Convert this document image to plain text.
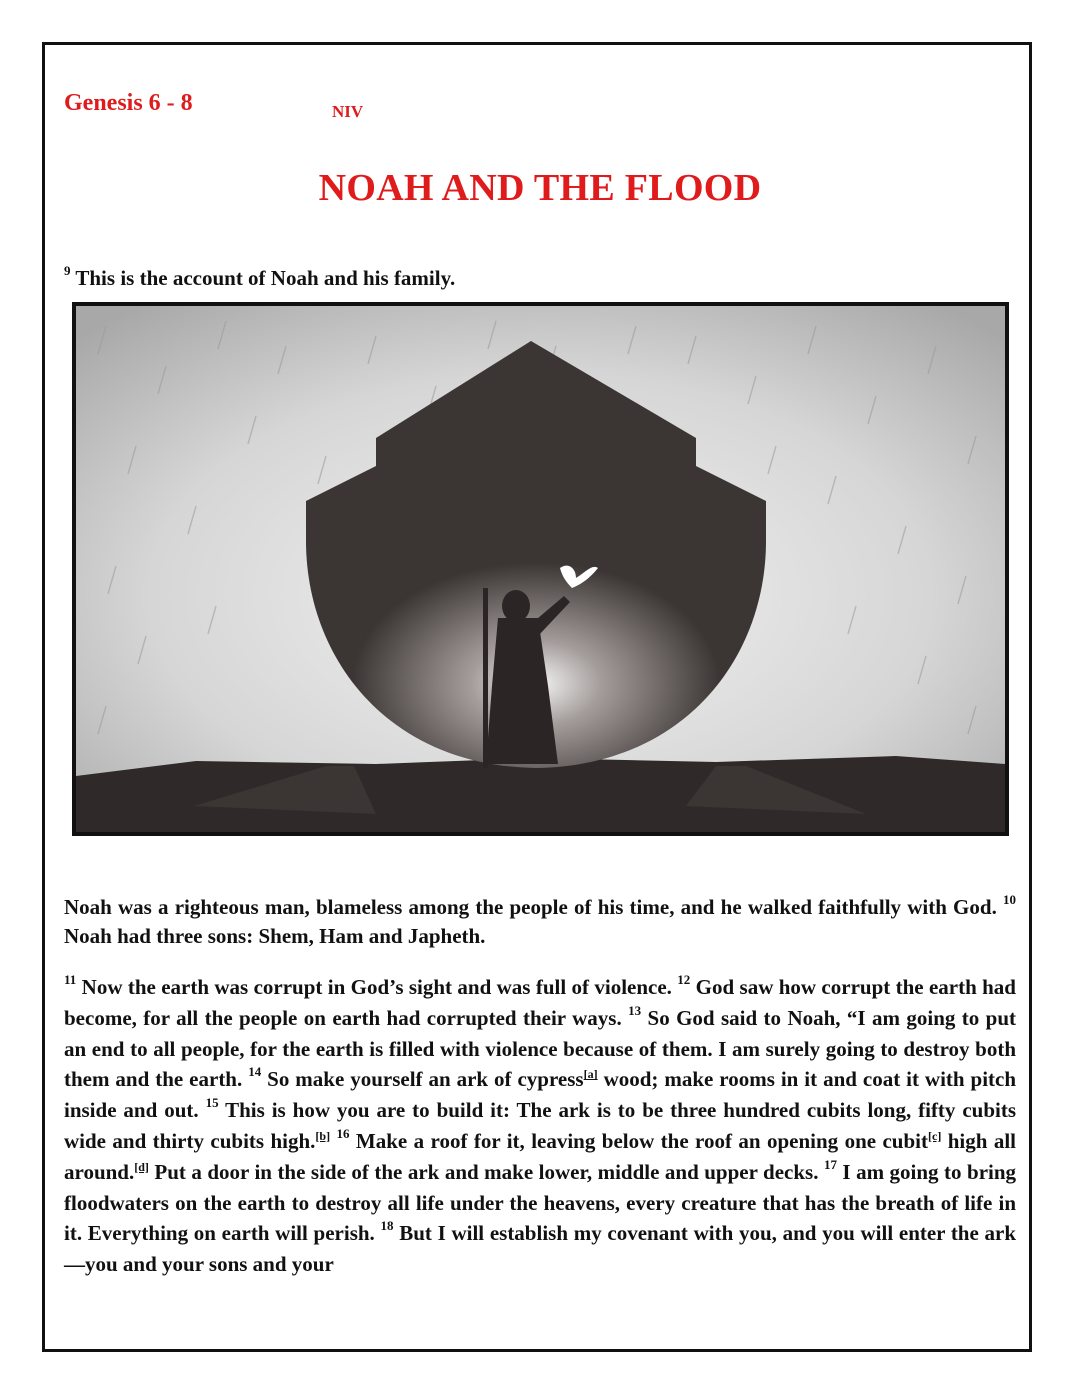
Genesis 6 - 8	NIV
NOAH AND THE FLOOD
$^9$ This is the account of Noah and his family.

Noah was a righteous man, blameless among the people of his time, and he walked faithfully with God. $^{10}$ Noah had three sons: Shem, Ham and Japheth.

$^{11}$ Now the earth was corrupt in God’s sight and was full of violence. $^{12}$ God saw how corrupt the earth had become, for all the people on earth had corrupted their ways. $^{13}$ So God said to Noah, “I am going to put an end to all people, for the earth is filled with violence because of them. I am surely going to destroy both them and the earth. $^{14}$ So make yourself an ark of cypress[a] wood; make rooms in it and coat it with pitch inside and out. $^{15}$ This is how you are to build it: The ark is to be three hundred cubits long, fifty cubits wide and thirty cubits high.[b] $^{16}$ Make a roof for it, leaving below the roof an opening one cubit[c] high all around.[d] Put a door in the side of the ark and make lower, middle and upper decks. $^{17}$ I am going to bring floodwaters on the earth to destroy all life under the heavens, every creature that has the breath of life in it. Everything on earth will perish. $^{18}$ But I will establish my covenant with you, and you will enter the ark—you and your sons and your
